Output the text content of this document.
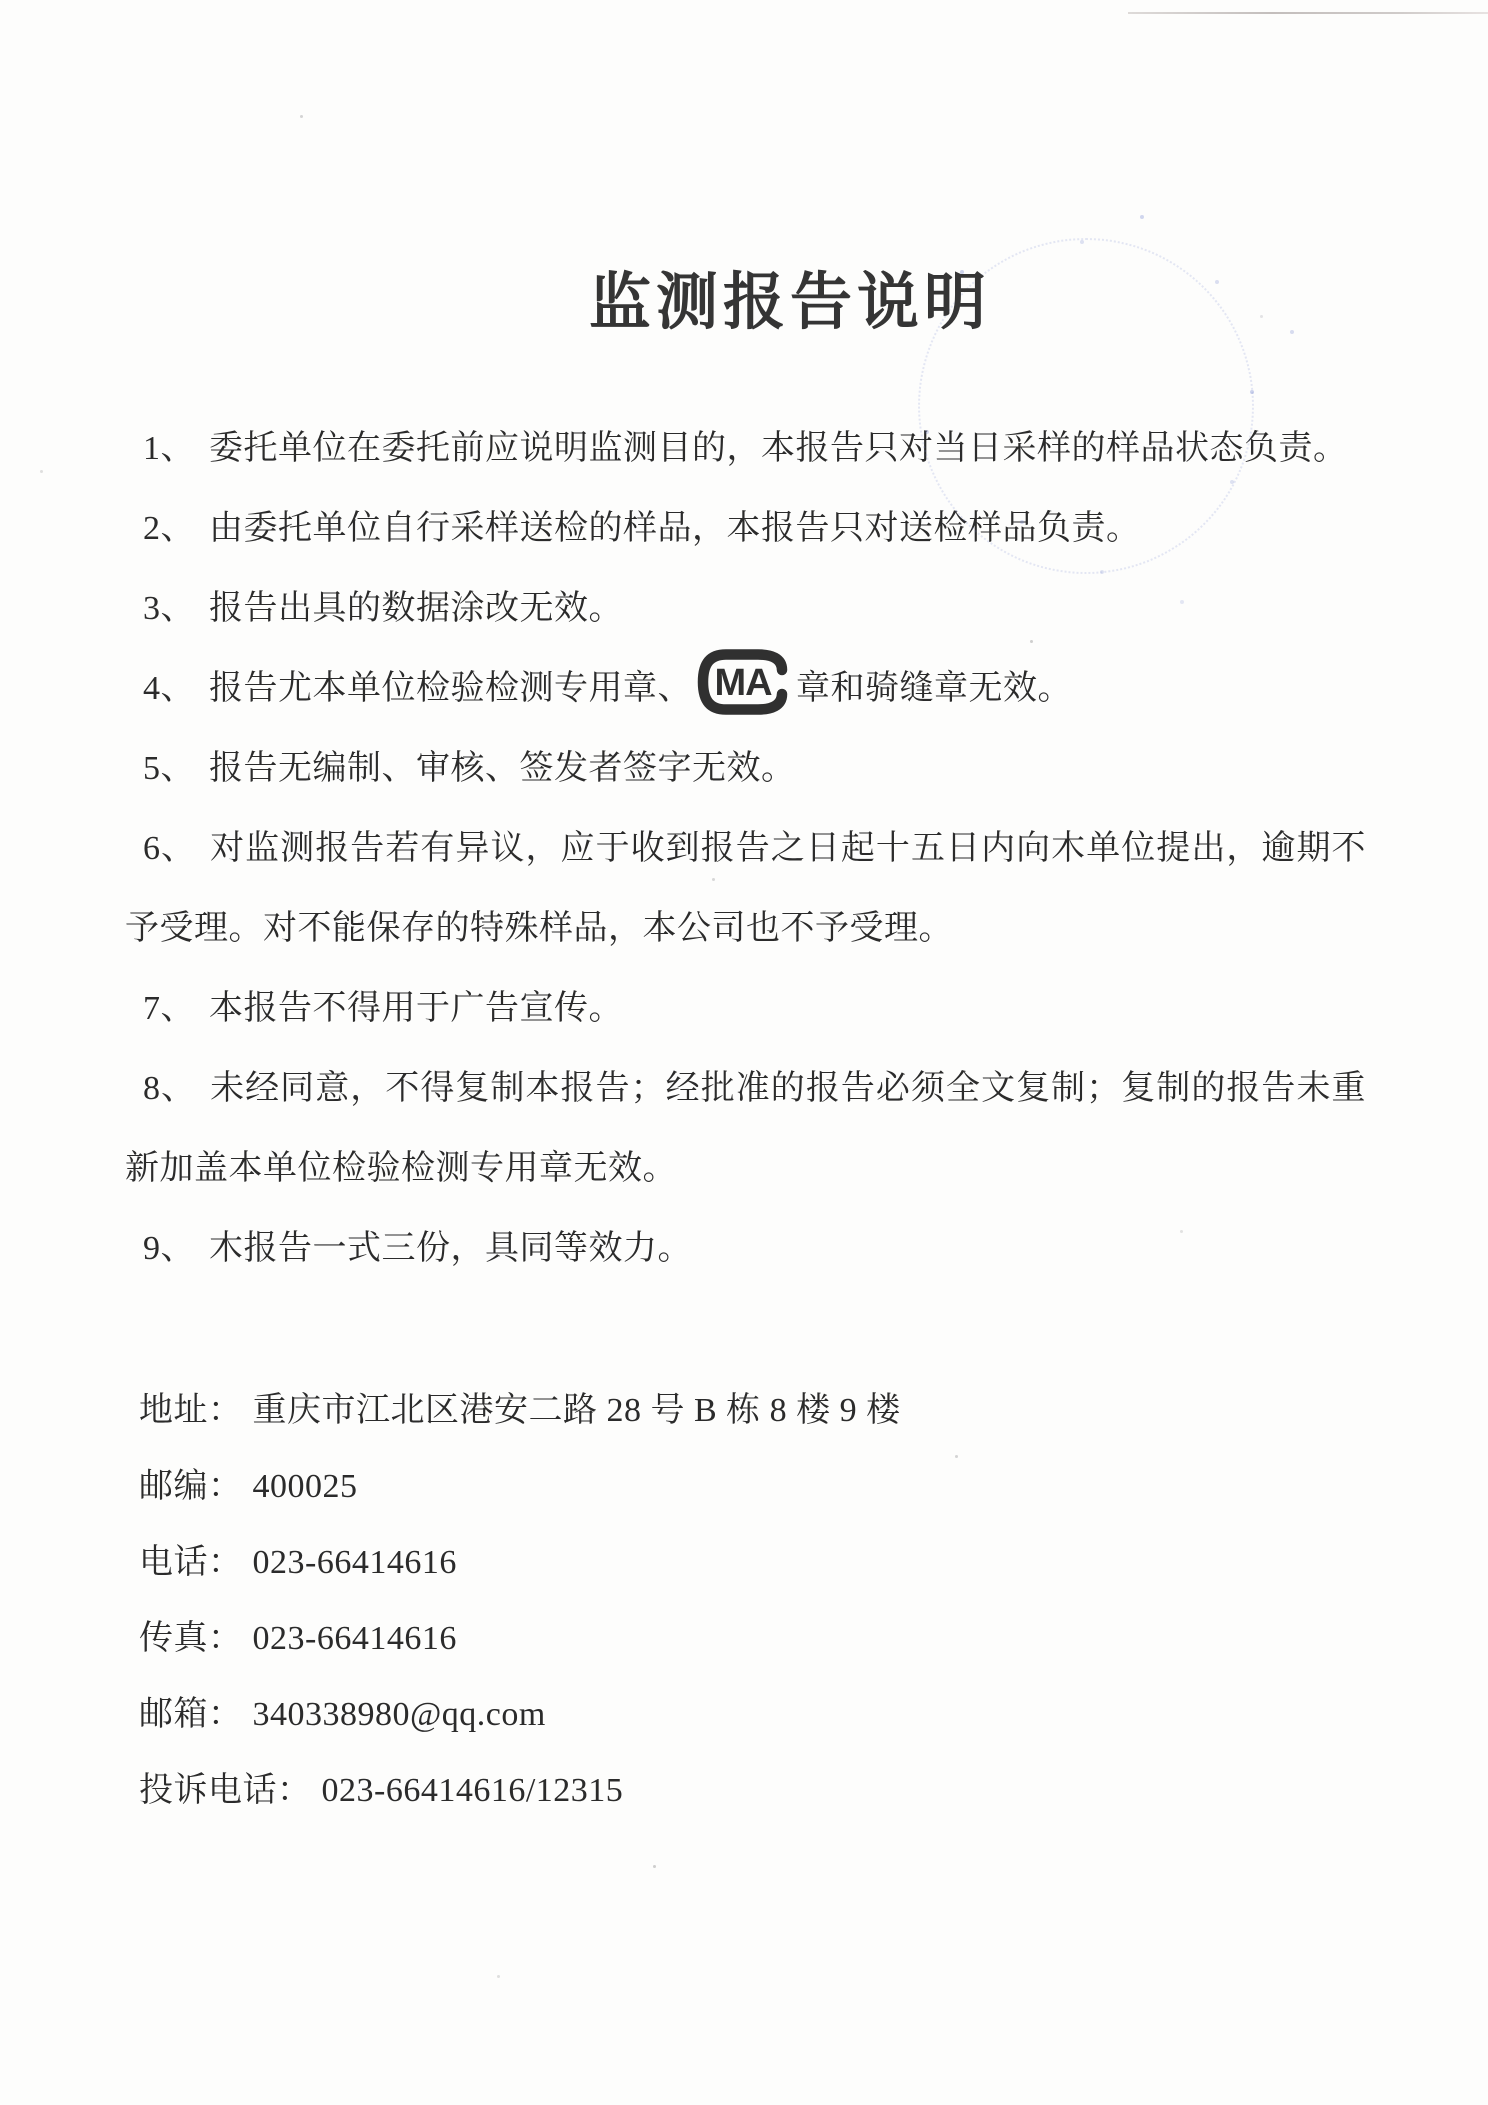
监测报告说明

1、 委托单位在委托前应说明监测目的，本报告只对当日采样的样品状态负责。

2、 由委托单位自行采样送检的样品，本报告只对送检样品负责。

3、 报告出具的数据涂改无效。

4、 报告尤本单位检验检测专用章、 MA 章和骑缝章无效。

5、 报告无编制、审核、签发者签字无效。

6、 对监测报告若有异议，应于收到报告之日起十五日内向木单位提出，逾期不予受理。对不能保存的特殊样品，本公司也不予受理。

7、 本报告不得用于广告宣传。

8、 未经同意，不得复制本报告；经批准的报告必须全文复制；复制的报告未重新加盖本单位检验检测专用章无效。

9、 木报告一式三份，具同等效力。

地址： 重庆市江北区港安二路 28 号 B 栋 8 楼 9 楼

邮编： 400025

电话： 023-66414616

传真： 023-66414616

邮箱： 340338980@qq.com

投诉电话： 023-66414616/12315
